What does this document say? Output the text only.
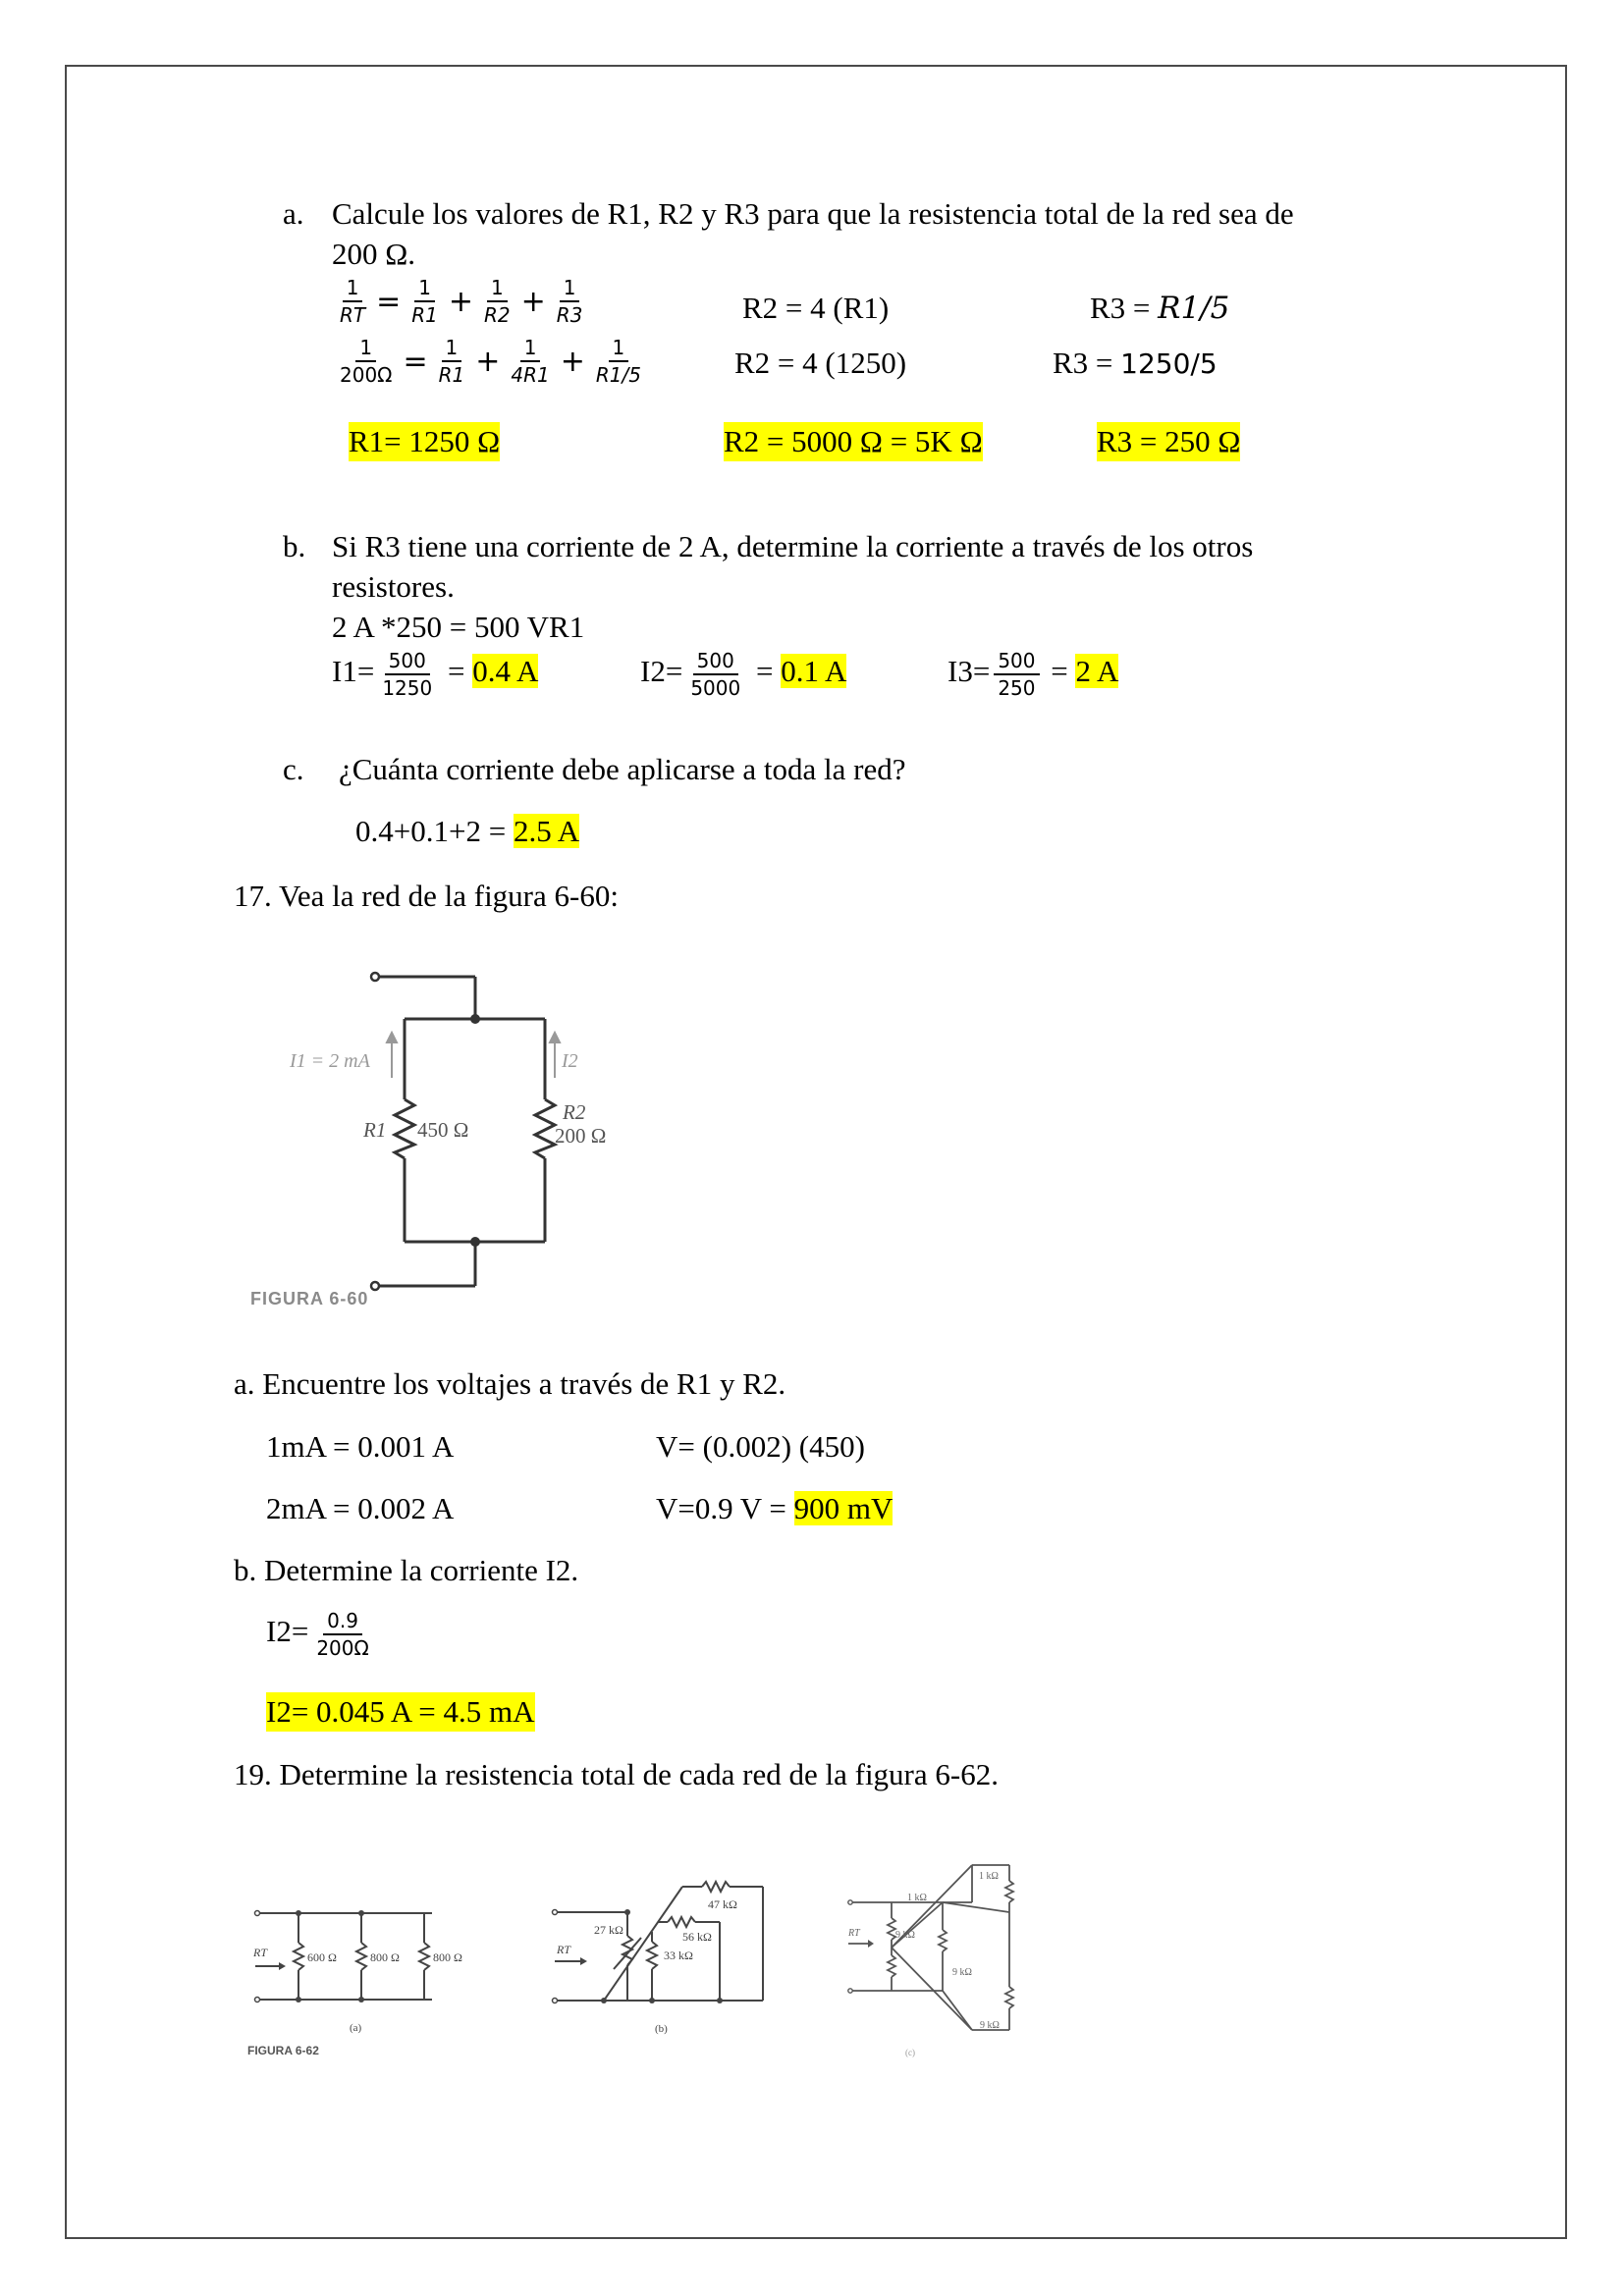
a. Calcule los valores de R1, R2 y R3 para que la resistencia total de la red sea de
200 Ω.
$\frac{1}{RT} = \frac{1}{R1} + \frac{1}{R2} + \frac{1}{R3}$
$\frac{1}{200\Omega} = \frac{1}{R1} + \frac{1}{4R1} + \frac{1}{R1/5}$
R2 = 4 (R1)	R3 = R1/5
R2 = 4 (1250)	R3 = 1250/5
R1= 1250 Ω	R2 = 5000 Ω = 5K Ω	R3 = 250 Ω
b. Si R3 tiene una corriente de 2 A, determine la corriente a través de los otros
resistores.
2 A *250 = 500 VR1
$I1= \frac{500}{1250} = 0.4$ A	$I2= \frac{500}{5000} = 0.1$ A	$I3= \frac{500}{250} = 2$ A
c. ¿Cuánta corriente debe aplicarse a toda la red?
0.4+0.1+2 = 2.5 A
17. Vea la red de la figura 6-60:
I1 = 2 mA	I2
R1 450 Ω
R2
200 Ω
FIGURA 6-60
a. Encuentre los voltajes a través de R1 y R2.
1mA = 0.001 A	V= (0.002) (450)
2mA = 0.002 A	V=0.9 V = 900 mV
b. Determine la corriente I2.
$I2= \frac{0.9}{200\Omega}$
I2= 0.045 A = 4.5 mA
19. Determine la resistencia total de cada red de la figura 6-62.
RT	600 Ω	800 Ω	800 Ω
(a)
FIGURA 6-62
RT
27 kΩ
47 kΩ
56 kΩ
33 kΩ
(b)
RT
1 kΩ
1 kΩ
9 kΩ
9 kΩ
9 kΩ
(c)
